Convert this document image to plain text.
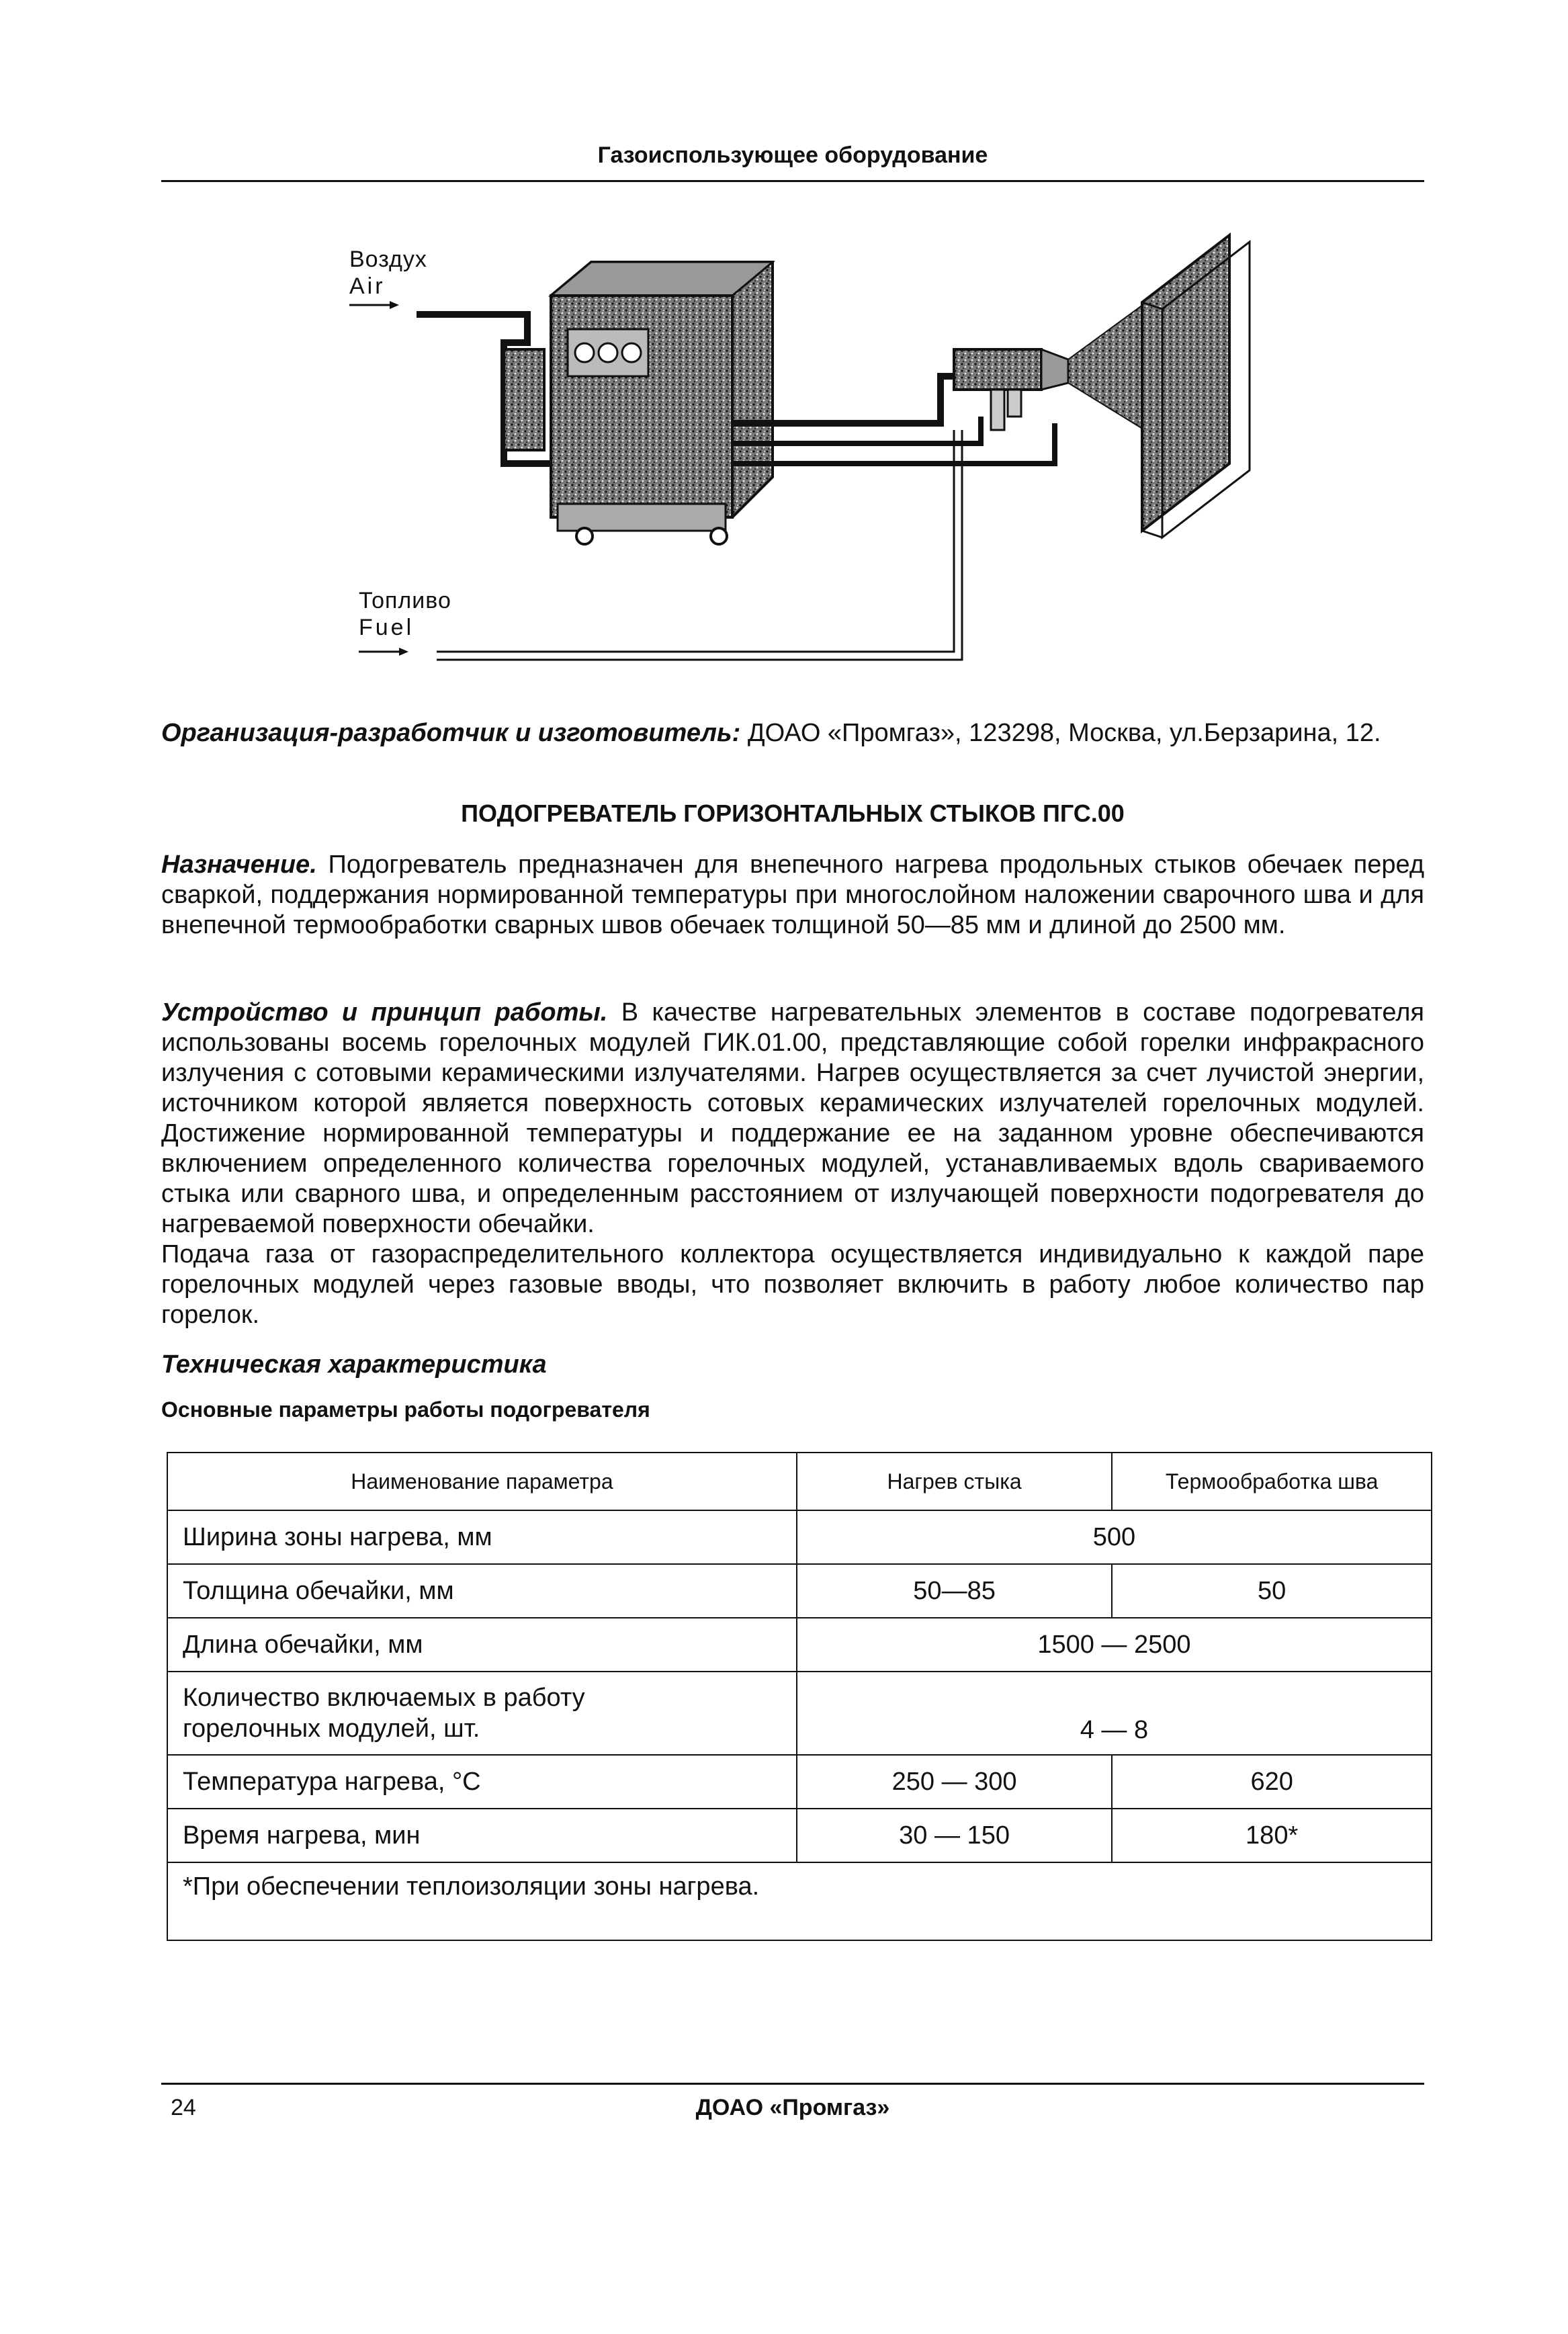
Газоиспользующее оборудование
Воздух
Air
Топливо
Fuel
Организация-разработчик и изготовитель: ДОАО «Промгаз», 123298, Москва, ул.Берзарина, 12.
ПОДОГРЕВАТЕЛЬ ГОРИЗОНТАЛЬНЫХ СТЫКОВ ПГС.00

Назначение. Подогреватель предназначен для внепечного нагрева продольных стыков обечаек перед сваркой, поддержания нормированной температуры при многослойном наложении сварочного шва и для внепечной термообработки сварных швов обечаек толщиной 50—85 мм и длиной до 2500 мм.

Устройство и принцип работы. В качестве нагревательных элементов в составе подогревателя использованы восемь горелочных модулей ГИК.01.00, представляющие собой горелки инфракрасного излучения с сотовыми керамическими излучателями. Нагрев осуществляется за счет лучистой энергии, источником которой является поверхность сотовых керамических излучателей горелочных модулей. Достижение нормированной температуры и поддержание ее на заданном уровне обеспечиваются включением определенного количества горелочных модулей, устанавливаемых вдоль свариваемого стыка или сварного шва, и определенным расстоянием от излучающей поверхности подогревателя до нагреваемой поверхности обечайки.

Подача газа от газораспределительного коллектора осуществляется индивидуально к каждой паре горелочных модулей через газовые вводы, что позволяет включить в работу любое количество пар горелок.

Техническая характеристика
Основные параметры работы подогревателя
Наименование параметра	Нагрев стыка	Термообработка шва
Ширина зоны нагрева, мм	500	
Толщина обечайки, мм	50—85	50
Длина обечайки, мм	1500 — 2500	
Количество включаемых в работу
горелочных модулей, шт.	4 — 8	
Температура нагрева, °С	250 — 300	620
Время нагрева, мин	30 — 150	180*
*При обеспечении теплоизоляции зоны нагрева.		
24	ДОАО «Промгаз»
